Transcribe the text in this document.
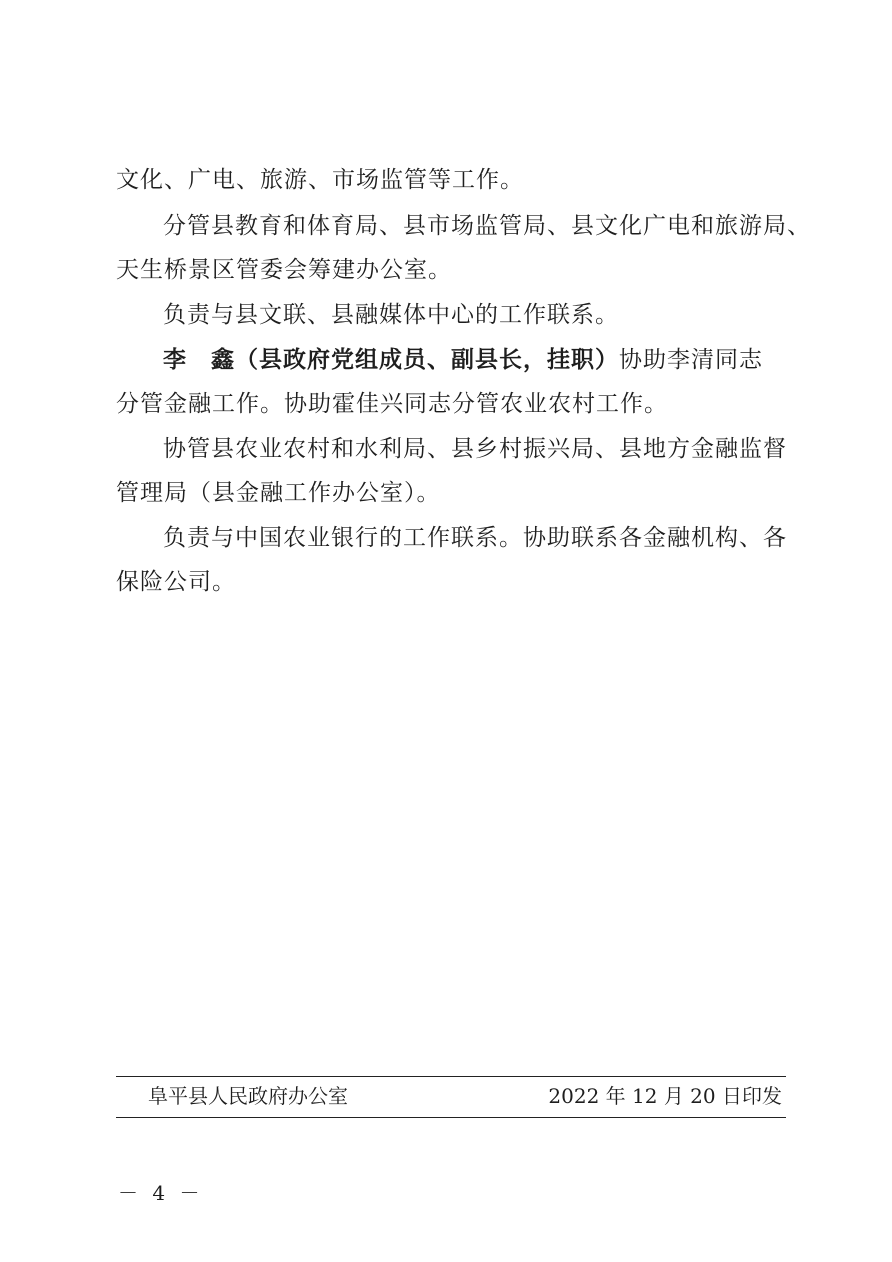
文化、广电、旅游、市场监管等工作。
分管县教育和体育局、县市场监管局、县文化广电和旅游局、
天生桥景区管委会筹建办公室。
负责与县文联、县融媒体中心的工作联系。
李　鑫（县政府党组成员、副县长，挂职）协助李清同志
分管金融工作。协助霍佳兴同志分管农业农村工作。
协管县农业农村和水利局、县乡村振兴局、县地方金融监督
管理局（县金融工作办公室）。
负责与中国农业银行的工作联系。协助联系各金融机构、各
保险公司。
阜平县人民政府办公室	2022 年 12 月 20 日印发
－ 4 －
